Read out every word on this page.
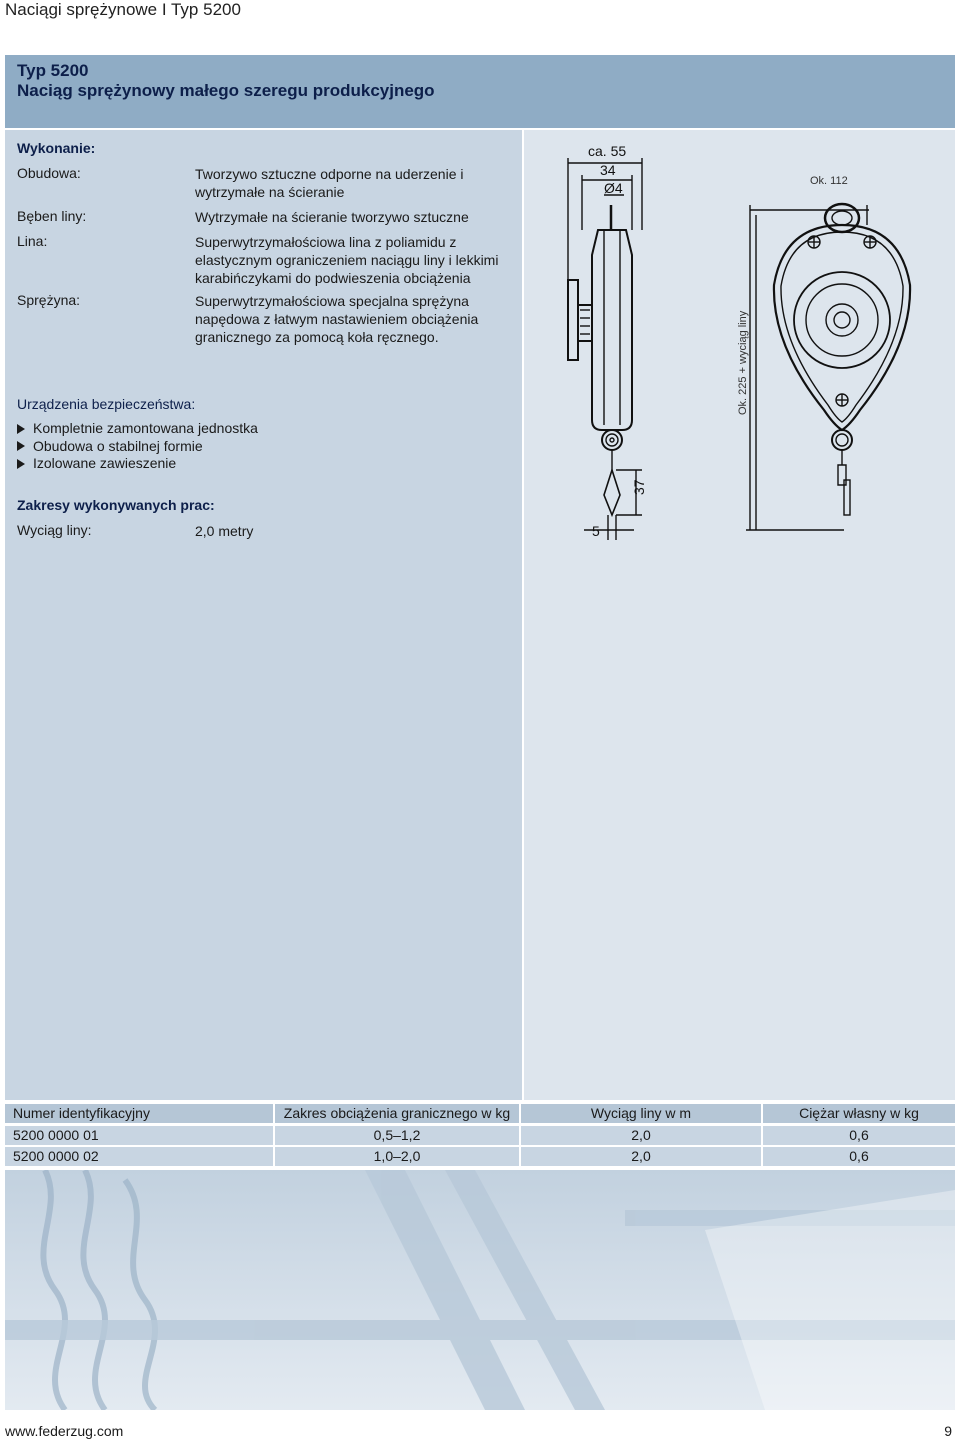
Naciągi sprężynowe I Typ 5200
Typ 5200
Naciąg sprężynowy małego szeregu produkcyjnego
Wykonanie:
Obudowa:	Tworzywo sztuczne odporne na uderzenie i wytrzymałe na ścieranie
Bęben liny:	Wytrzymałe na ścieranie tworzywo sztuczne
Lina:	Superwytrzymałościowa lina z poliamidu z elastycznym ograniczeniem naciągu liny i lekkimi karabińczykami do podwieszenia obciążenia
Sprężyna:	Superwytrzymałościowa specjalna sprężyna napędowa z łatwym nastawieniem obciążenia granicznego za pomocą koła ręcznego.
Urządzenia bezpieczeństwa:
Kompletnie zamontowana jednostka
Obudowa o stabilnej formie
Izolowane zawieszenie
Zakresy wykonywanych prac:
Wyciąg liny:	2,0 metry
ca. 55
34
Ø4
37
5
Ok. 112
Ok. 225 + wyciąg liny
Numer identyfikacyjny	Zakres obciążenia granicznego w kg	Wyciąg liny w m	Ciężar własny w kg
5200 0000 01	0,5–1,2	2,0	0,6
5200 0000 02	1,0–2,0	2,0	0,6
www.federzug.com	9
